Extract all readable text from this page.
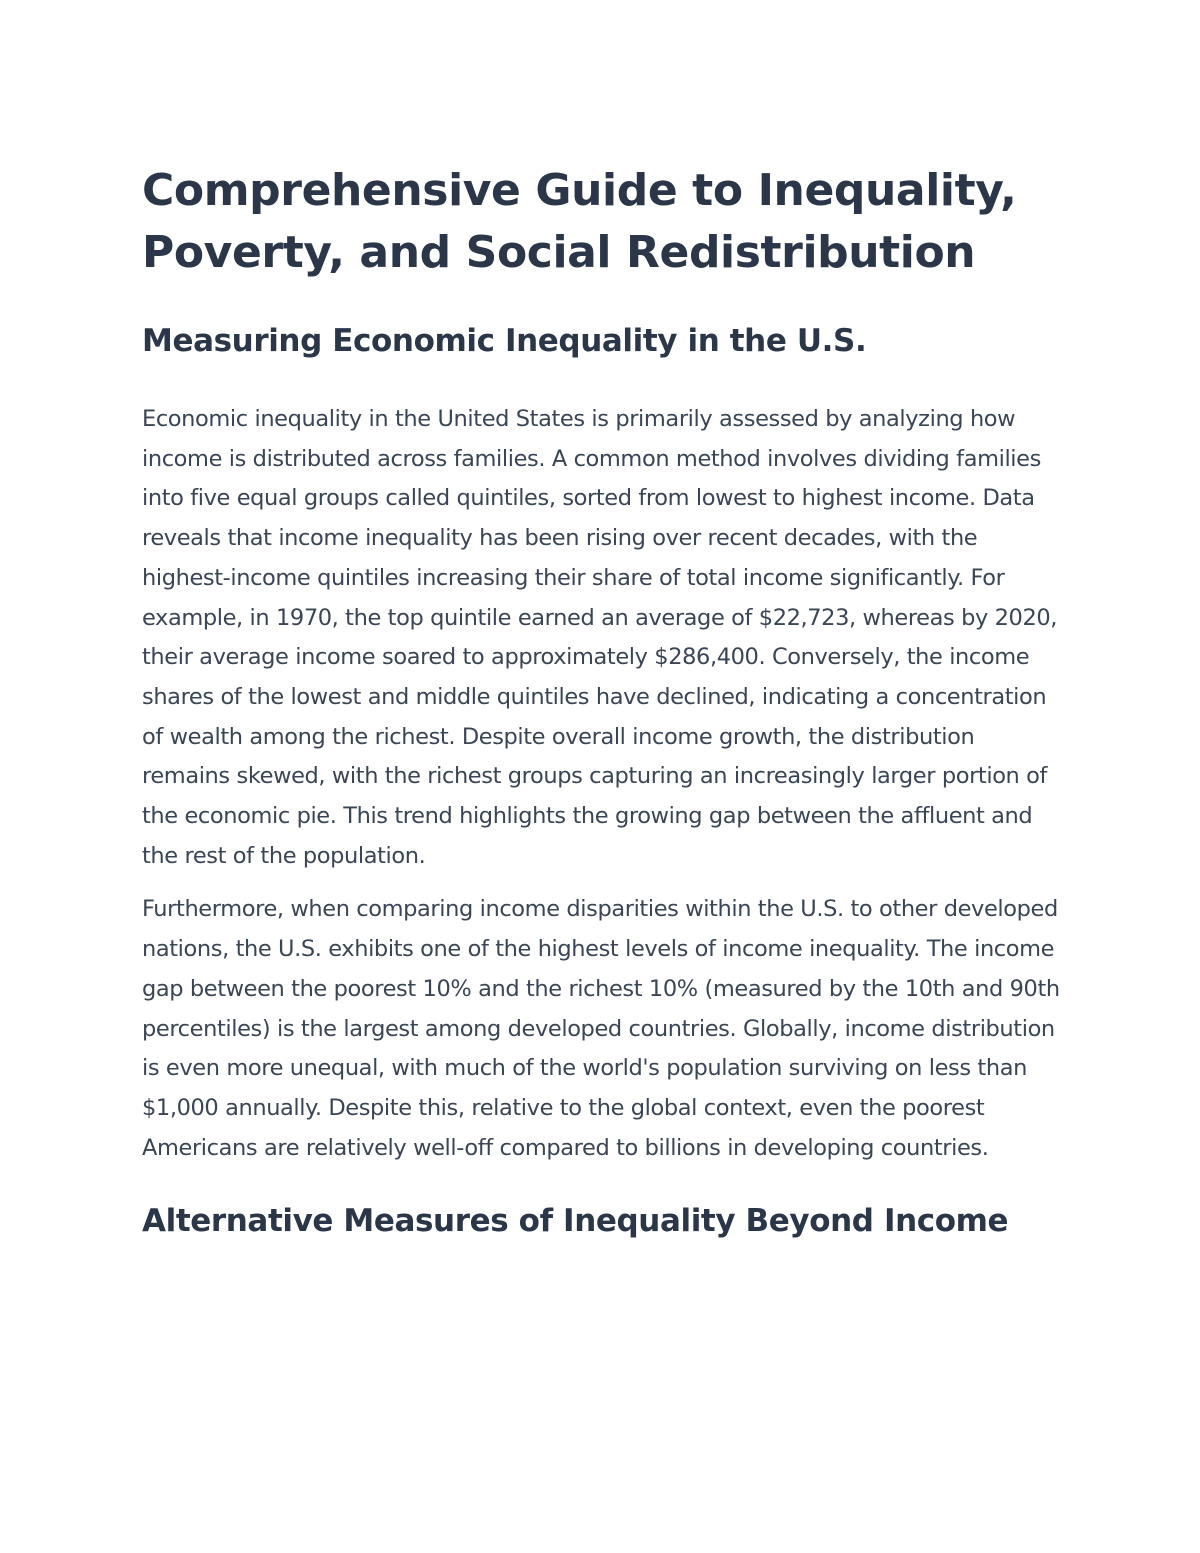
Comprehensive Guide to Inequality, Poverty, and Social Redistribution
Measuring Economic Inequality in the U.S.

Economic inequality in the United States is primarily assessed by analyzing how income is distributed across families. A common method involves dividing families into five equal groups called quintiles, sorted from lowest to highest income. Data reveals that income inequality has been rising over recent decades, with the highest-income quintiles increasing their share of total income significantly. For example, in 1970, the top quintile earned an average of $22,723, whereas by 2020, their average income soared to approximately $286,400. Conversely, the income shares of the lowest and middle quintiles have declined, indicating a concentration of wealth among the richest. Despite overall income growth, the distribution remains skewed, with the richest groups capturing an increasingly larger portion of the economic pie. This trend highlights the growing gap between the affluent and the rest of the population.

Furthermore, when comparing income disparities within the U.S. to other developed nations, the U.S. exhibits one of the highest levels of income inequality. The income gap between the poorest 10% and the richest 10% (measured by the 10th and 90th percentiles) is the largest among developed countries. Globally, income distribution is even more unequal, with much of the world's population surviving on less than $1,000 annually. Despite this, relative to the global context, even the poorest Americans are relatively well-off compared to billions in developing countries.

Alternative Measures of Inequality Beyond Income
